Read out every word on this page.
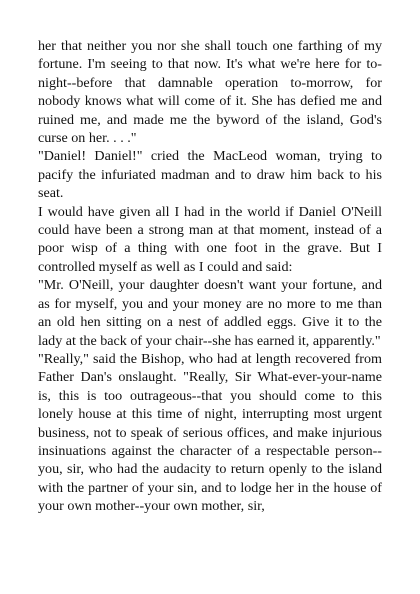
her that neither you nor she shall touch one farthing of my fortune. I'm seeing to that now. It's what we're here for to-night--before that damnable operation to-morrow, for nobody knows what will come of it. She has defied me and ruined me, and made me the byword of the island, God's curse on her. . . ."

"Daniel! Daniel!" cried the MacLeod woman, trying to pacify the infuriated madman and to draw him back to his seat.

I would have given all I had in the world if Daniel O'Neill could have been a strong man at that moment, instead of a poor wisp of a thing with one foot in the grave. But I controlled myself as well as I could and said:

"Mr. O'Neill, your daughter doesn't want your fortune, and as for myself, you and your money are no more to me than an old hen sitting on a nest of addled eggs. Give it to the lady at the back of your chair--she has earned it, apparently."

"Really," said the Bishop, who had at length recovered from Father Dan's onslaught. "Really, Sir What-ever-your-name is, this is too outrageous--that you should come to this lonely house at this time of night, interrupting most urgent business, not to speak of serious offices, and make injurious insinuations against the character of a respectable person--you, sir, who had the audacity to return openly to the island with the partner of your sin, and to lodge her in the house of your own mother--your own mother, sir,
